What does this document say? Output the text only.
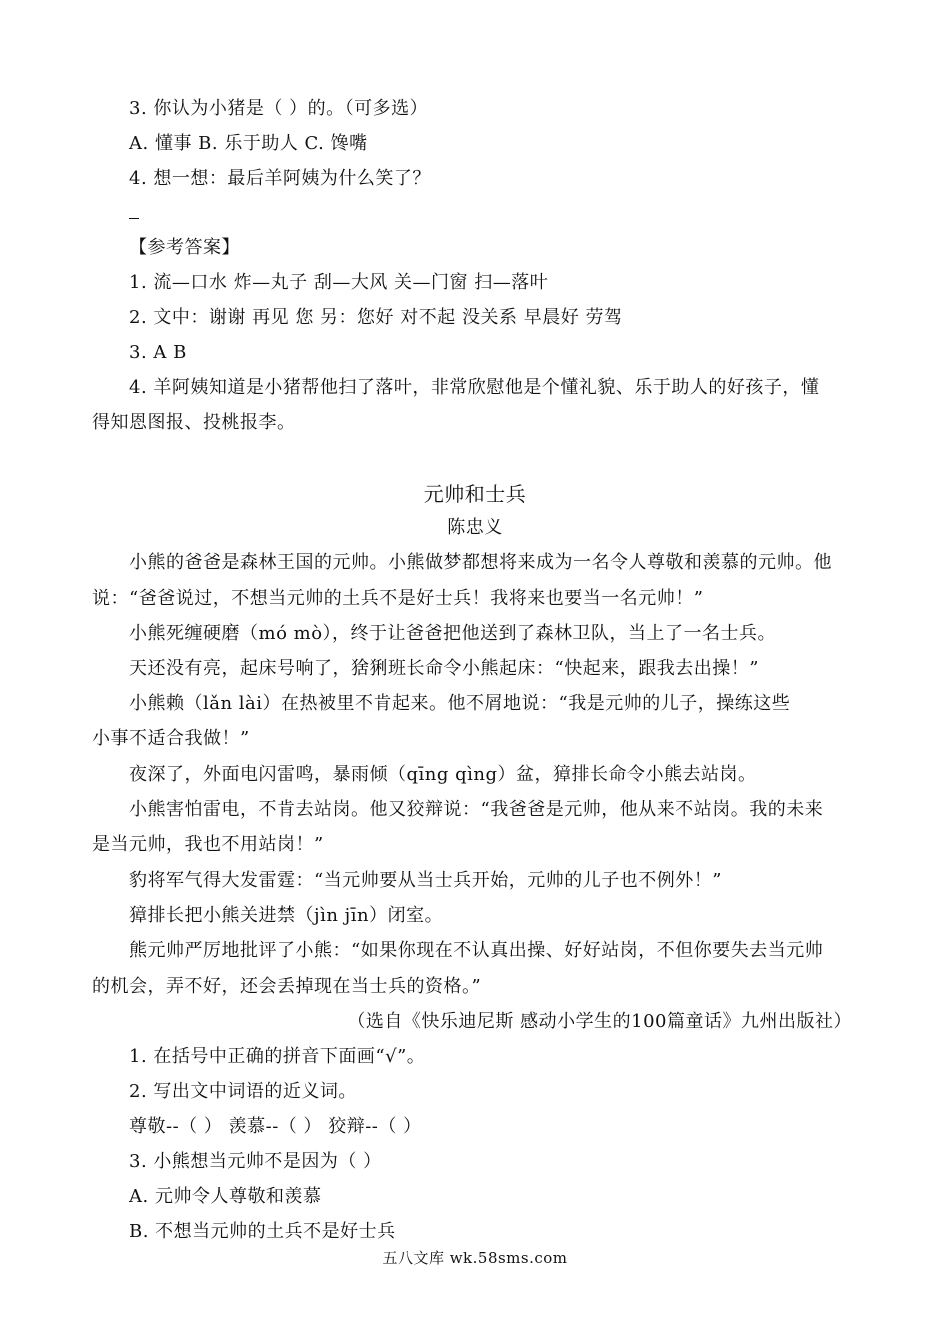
3. 你认为小猪是（ ）的。（可多选）
A. 懂事 B. 乐于助人 C. 馋嘴
4. 想一想：最后羊阿姨为什么笑了？
【参考答案】
1. 流—口水 炸—丸子 刮—大风 关—门窗 扫—落叶
2. 文中：谢谢 再见 您 另：您好 对不起 没关系 早晨好 劳驾
3. A B
4. 羊阿姨知道是小猪帮他扫了落叶，非常欣慰他是个懂礼貌、乐于助人的好孩子，懂
得知恩图报、投桃报李。
元帅和士兵
陈忠义
小熊的爸爸是森林王国的元帅。小熊做梦都想将来成为一名令人尊敬和羡慕的元帅。他
说：“爸爸说过，不想当元帅的土兵不是好士兵！我将来也要当一名元帅！”
小熊死缠硬磨（mó mò），终于让爸爸把他送到了森林卫队，当上了一名士兵。
天还没有亮，起床号响了，猞猁班长命令小熊起床：“快起来，跟我去出操！”
小熊赖（lǎn lài）在热被里不肯起来。他不屑地说：“我是元帅的儿子，操练这些
小事不适合我做！”
夜深了，外面电闪雷鸣，暴雨倾（qīng qìng）盆，獐排长命令小熊去站岗。
小熊害怕雷电，不肯去站岗。他又狡辩说：“我爸爸是元帅，他从来不站岗。我的未来
是当元帅，我也不用站岗！”
豹将军气得大发雷霆：“当元帅要从当士兵开始，元帅的儿子也不例外！”
獐排长把小熊关进禁（jìn jīn）闭室。
熊元帅严厉地批评了小熊：“如果你现在不认真出操、好好站岗，不但你要失去当元帅
的机会，弄不好，还会丢掉现在当士兵的资格。”
（选自《快乐迪尼斯 感动小学生的100篇童话》九州出版社）
1. 在括号中正确的拼音下面画“√”。
2. 写出文中词语的近义词。
尊敬--（ ） 羡慕--（ ） 狡辩--（ ）
3. 小熊想当元帅不是因为（ ）
A. 元帅令人尊敬和羡慕
B. 不想当元帅的土兵不是好士兵
五八文库 wk.58sms.com
